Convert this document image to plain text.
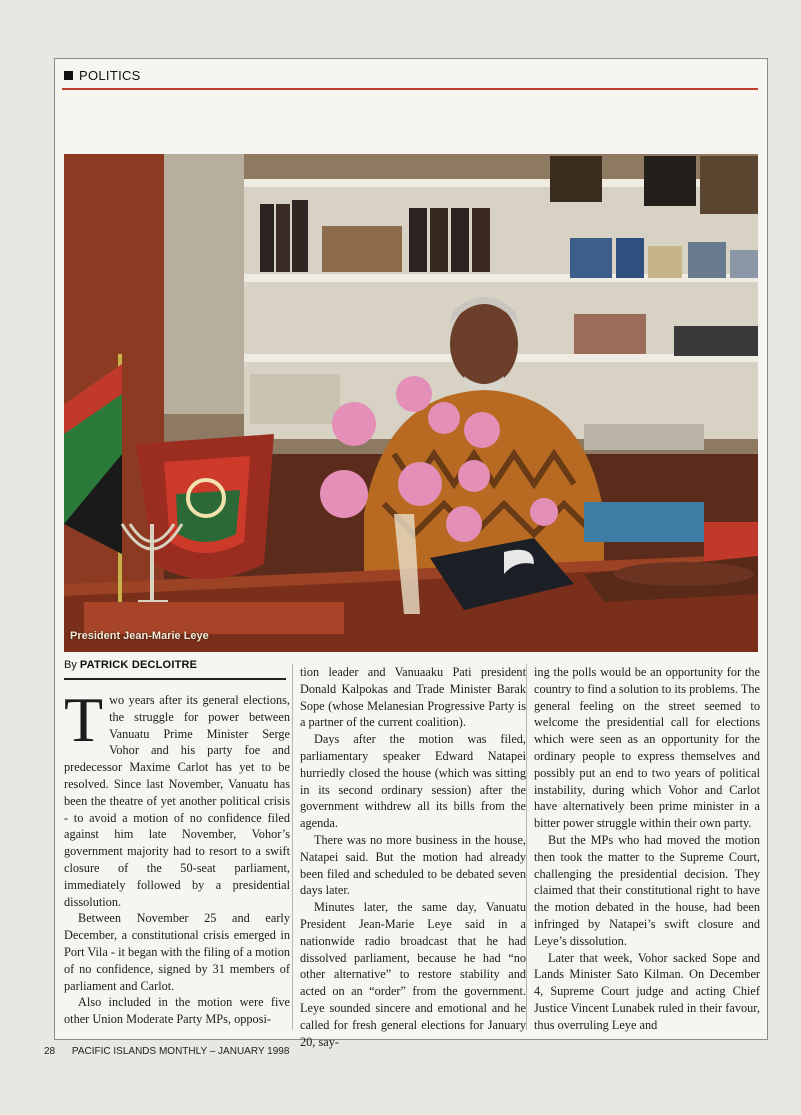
POLITICS
President Jean-Marie Leye
By PATRICK DECLOITRE

Two years after its general elections, the struggle for power between Vanuatu Prime Minister Serge Vohor and his party foe and predecessor Maxime Carlot has yet to be resolved. Since last November, Vanuatu has been the theatre of yet another political crisis - to avoid a motion of no confidence filed against him late November, Vohor’s government majority had to resort to a swift closure of the 50-seat parliament, immediately followed by a presidential dissolution.

Between November 25 and early December, a constitutional crisis emerged in Port Vila - it began with the filing of a motion of no confidence, signed by 31 members of parliament and Carlot.

Also included in the motion were five other Union Moderate Party MPs, opposi-

tion leader and Vanuaaku Pati president Donald Kalpokas and Trade Minister Barak Sope (whose Melanesian Progressive Party is a partner of the current coalition).

Days after the motion was filed, parliamentary speaker Edward Natapei hurriedly closed the house (which was sitting in its second ordinary session) after the government withdrew all its bills from the agenda.

There was no more business in the house, Natapei said. But the motion had already been filed and scheduled to be debated seven days later.

Minutes later, the same day, Vanuatu President Jean-Marie Leye said in a nationwide radio broadcast that he had dissolved parliament, because he had “no other alternative” to restore stability and acted on an “order” from the government. Leye sounded sincere and emotional and he called for fresh general elections for January 20, say-

ing the polls would be an opportunity for the country to find a solution to its problems. The general feeling on the street seemed to welcome the presidential call for elections which were seen as an opportunity for the ordinary people to express themselves and possibly put an end to two years of political instability, during which Vohor and Carlot have alternatively been prime minister in a bitter power struggle within their own party.

But the MPs who had moved the motion then took the matter to the Supreme Court, challenging the presidential decision. They claimed that their constitutional right to have the motion debated in the house, had been infringed by Natapei’s swift closure and Leye’s dissolution.

Later that week, Vohor sacked Sope and Lands Minister Sato Kilman. On December 4, Supreme Court judge and acting Chief Justice Vincent Lunabek ruled in their favour, thus overruling Leye and

28 PACIFIC ISLANDS MONTHLY – JANUARY 1998
